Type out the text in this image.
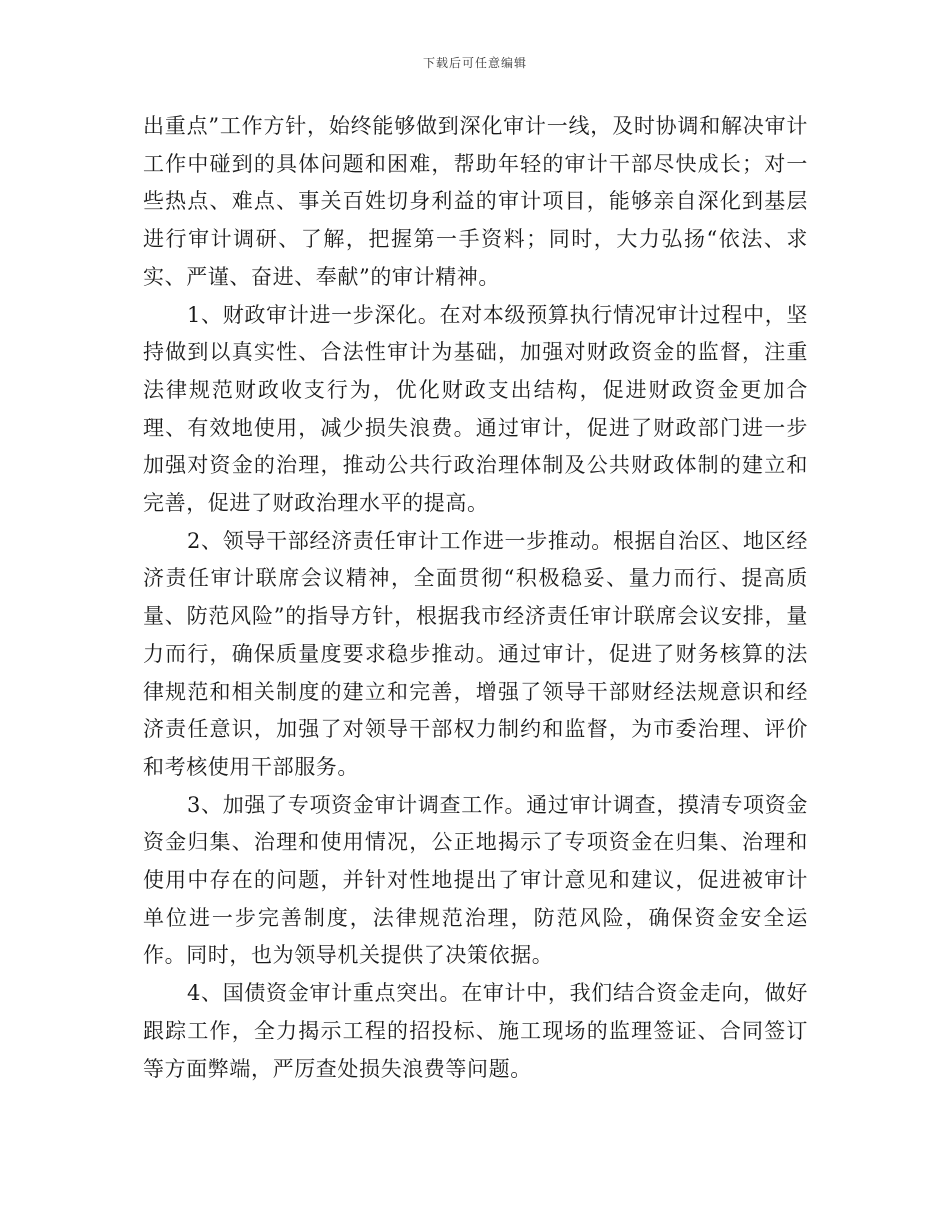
下载后可任意编辑

出重点”工作方针，始终能够做到深化审计一线，及时协调和解决审计工作中碰到的具体问题和困难，帮助年轻的审计干部尽快成长；对一些热点、难点、事关百姓切身利益的审计项目，能够亲自深化到基层进行审计调研、了解，把握第一手资料；同时，大力弘扬“依法、求实、严谨、奋进、奉献”的审计精神。

1、财政审计进一步深化。在对本级预算执行情况审计过程中，坚持做到以真实性、合法性审计为基础，加强对财政资金的监督，注重法律规范财政收支行为，优化财政支出结构，促进财政资金更加合理、有效地使用，减少损失浪费。通过审计，促进了财政部门进一步加强对资金的治理，推动公共行政治理体制及公共财政体制的建立和完善，促进了财政治理水平的提高。

2、领导干部经济责任审计工作进一步推动。根据自治区、地区经济责任审计联席会议精神，全面贯彻“积极稳妥、量力而行、提高质量、防范风险”的指导方针，根据我市经济责任审计联席会议安排，量力而行，确保质量度要求稳步推动。通过审计，促进了财务核算的法律规范和相关制度的建立和完善，增强了领导干部财经法规意识和经济责任意识，加强了对领导干部权力制约和监督，为市委治理、评价和考核使用干部服务。

3、加强了专项资金审计调查工作。通过审计调查，摸清专项资金资金归集、治理和使用情况，公正地揭示了专项资金在归集、治理和使用中存在的问题，并针对性地提出了审计意见和建议，促进被审计单位进一步完善制度，法律规范治理，防范风险，确保资金安全运作。同时，也为领导机关提供了决策依据。

4、国债资金审计重点突出。在审计中，我们结合资金走向，做好跟踪工作，全力揭示工程的招投标、施工现场的监理签证、合同签订等方面弊端，严厉查处损失浪费等问题。
